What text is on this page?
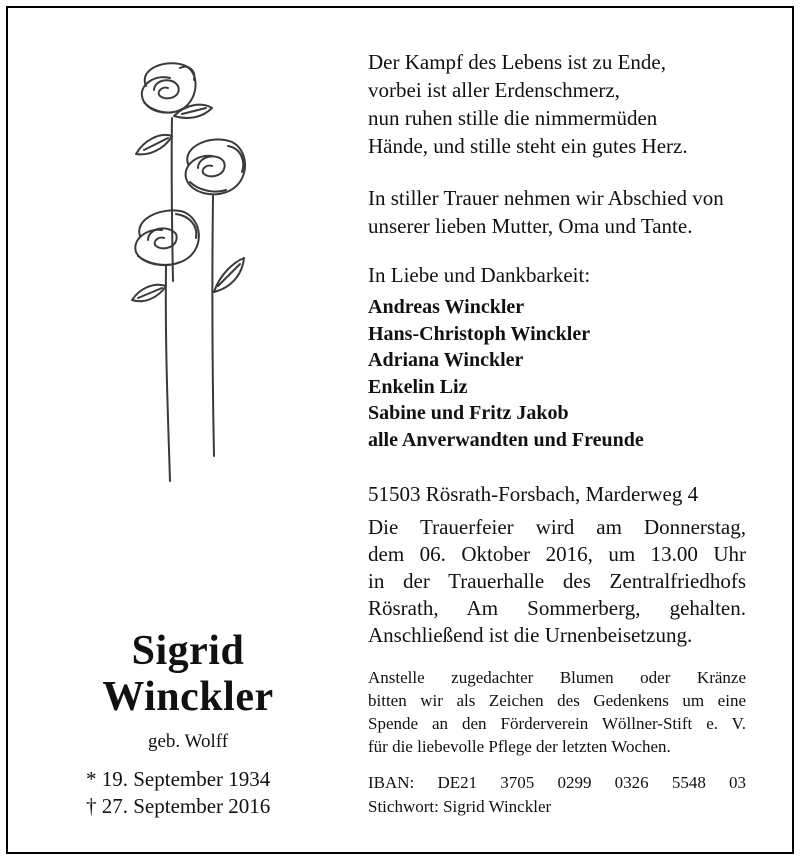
Sigrid
Winckler
geb. Wolff
* 19. September 1934
† 27. September 2016
Der Kampf des Lebens ist zu Ende,
vorbei ist aller Erdenschmerz,
nun ruhen stille die nimmermüden
Hände, und stille steht ein gutes Herz.
In stiller Trauer nehmen wir Abschied von
unserer lieben Mutter, Oma und Tante.
In Liebe und Dankbarkeit:
Andreas Winckler
Hans-Christoph Winckler
Adriana Winckler
Enkelin Liz
Sabine und Fritz Jakob
alle Anverwandten und Freunde
51503 Rösrath-Forsbach, Marderweg 4
Die Trauerfeier wird am Donnerstag,
dem 06. Oktober 2016, um 13.00 Uhr
in der Trauerhalle des Zentralfriedhofs
Rösrath, Am Sommerberg, gehalten.
Anschließend ist die Urnenbeisetzung.
Anstelle zugedachter Blumen oder Kränze
bitten wir als Zeichen des Gedenkens um eine
Spende an den Förderverein Wöllner-Stift e. V.
für die liebevolle Pflege der letzten Wochen.
IBAN: DE21 3705 0299 0326 5548 03
Stichwort: Sigrid Winckler
